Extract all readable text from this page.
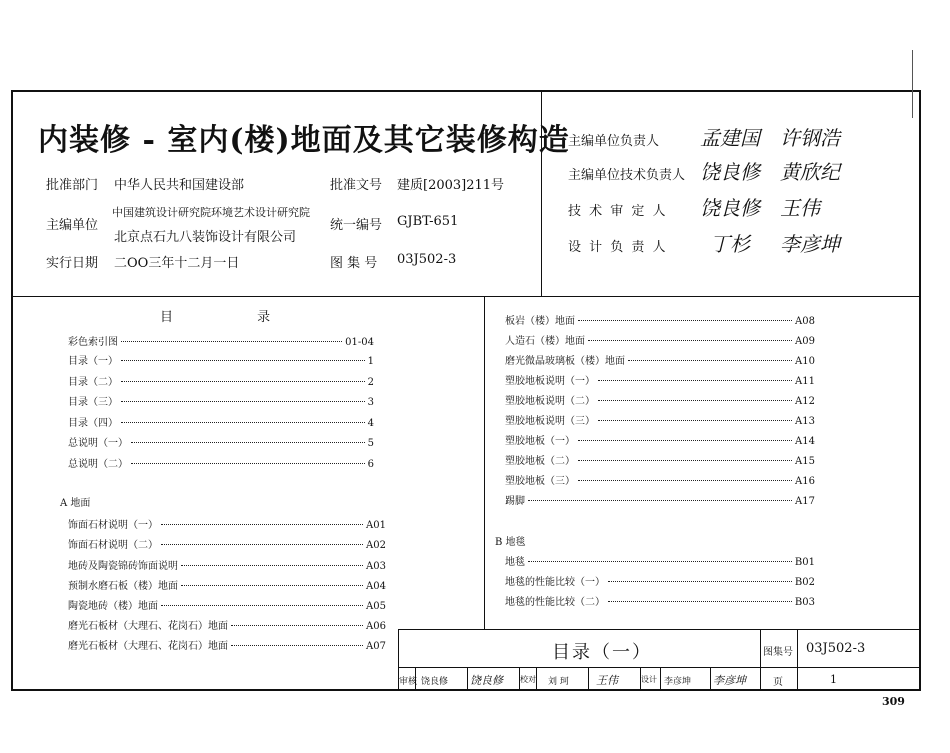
内装修 - 室内(楼)地面及其它装修构造
批准部门 中华人民共和国建设部	批准文号 建质[2003]211号
主编单位
中国建筑设计研究院环境艺术设计研究院
北京点石九八装饰设计有限公司
统一编号 GJBT-651
实行日期 二OO三年十二月一日	图 集 号 03J502-3
主编单位负责人 孟建国 许钢浩
主编单位技术负责人 饶良修 黄欣纪
技 术 审 定 人 饶良修 王伟
设 计 负 责 人 丁杉 李彦坤
目 录
彩色索引图	01-04
目录（一）	1
目录（二）	2
目录（三）	3
目录（四）	4
总说明（一）	5
总说明（二）	6
A 地面
饰面石材说明（一）	A01
饰面石材说明（二）	A02
地砖及陶瓷锦砖饰面说明	A03
预制水磨石板（楼）地面	A04
陶瓷地砖（楼）地面	A05
磨光石板材（大理石、花岗石）地面	A06
磨光石板材（大理石、花岗石）地面	A07
板岩（楼）地面	A08
人造石（楼）地面	A09
磨光微晶玻璃板（楼）地面	A10
塑胶地板说明（一）	A11
塑胶地板说明（二）	A12
塑胶地板说明（三）	A13
塑胶地板（一）	A14
塑胶地板（二）	A15
塑胶地板（三）	A16
踢脚	A17
B 地毯
地毯	B01
地毯的性能比较（一）	B02
地毯的性能比较（二）	B03
目录（一）	图集号 03J502-3
审核 饶良修 饶良修 校对 刘 珂 王伟	设计 李彦坤 李彦坤	页	1
309
